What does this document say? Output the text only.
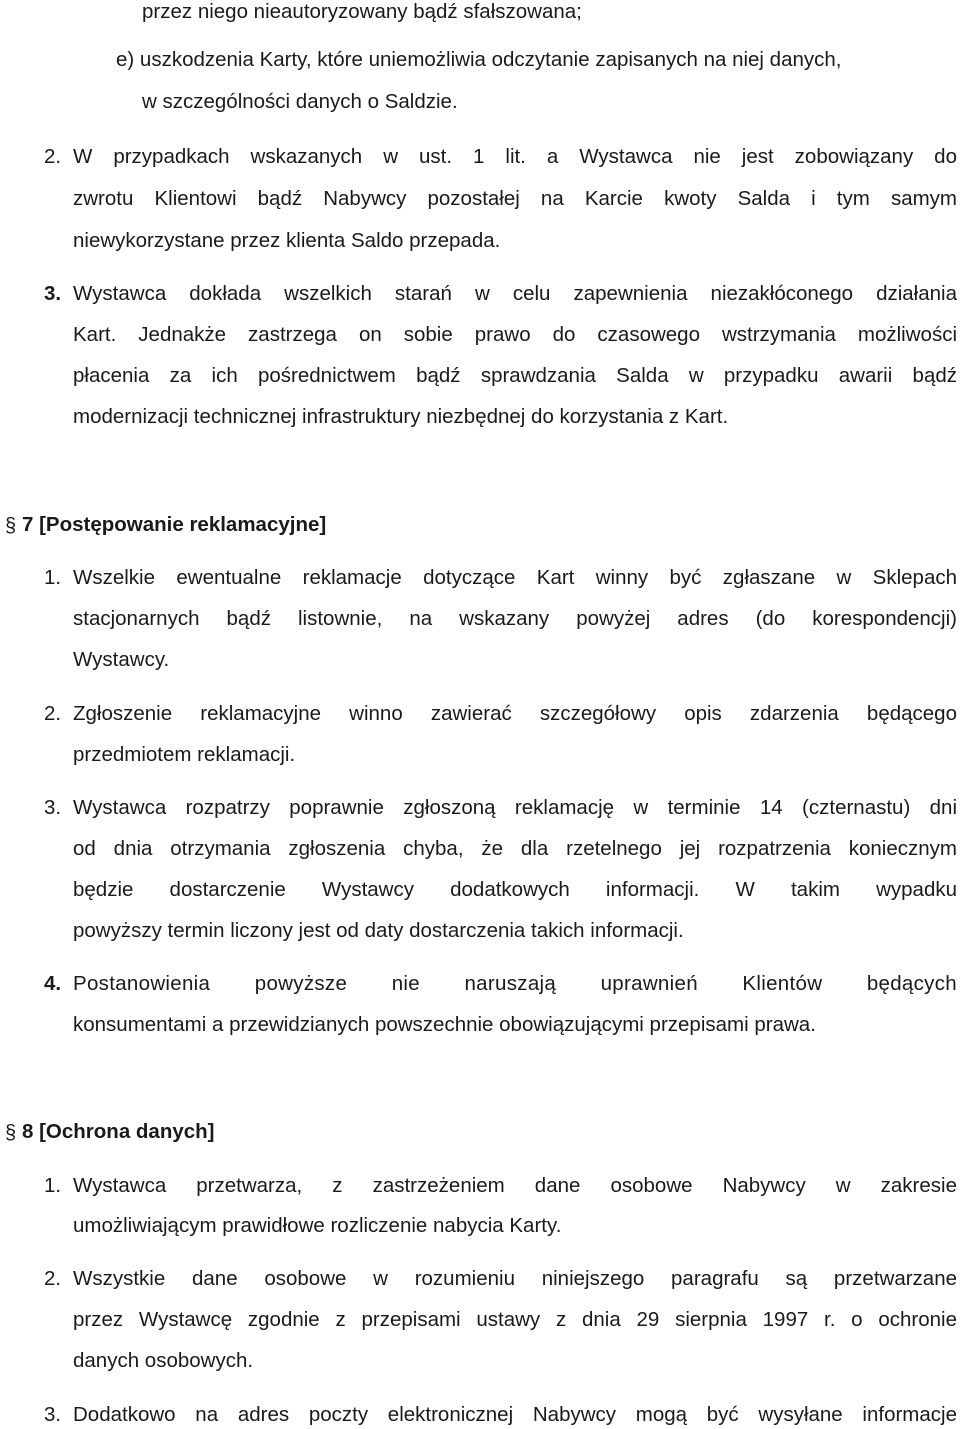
przez niego nieautoryzowany bądź sfałszowana;
e) uszkodzenia Karty, które uniemożliwia odczytanie zapisanych na niej danych,
w szczególności danych o Saldzie.
2. W przypadkach wskazanych w ust. 1 lit. a Wystawca nie jest zobowiązany do
zwrotu Klientowi bądź Nabywcy pozostałej na Karcie kwoty Salda i tym samym
niewykorzystane przez klienta Saldo przepada.
3. Wystawca dokłada wszelkich starań w celu zapewnienia niezakłóconego działania
Kart. Jednakże zastrzega on sobie prawo do czasowego wstrzymania możliwości
płacenia za ich pośrednictwem bądź sprawdzania Salda w przypadku awarii bądź
modernizacji technicznej infrastruktury niezbędnej do korzystania z Kart.
§ 7 [Postępowanie reklamacyjne]
1. Wszelkie ewentualne reklamacje dotyczące Kart winny być zgłaszane w Sklepach
stacjonarnych bądź listownie, na wskazany powyżej adres (do korespondencji)
Wystawcy.
2. Zgłoszenie reklamacyjne winno zawierać szczegółowy opis zdarzenia będącego
przedmiotem reklamacji.
3. Wystawca rozpatrzy poprawnie zgłoszoną reklamację w terminie 14 (czternastu) dni
od dnia otrzymania zgłoszenia chyba, że dla rzetelnego jej rozpatrzenia koniecznym
będzie dostarczenie Wystawcy dodatkowych informacji. W takim wypadku
powyższy termin liczony jest od daty dostarczenia takich informacji.
4. Postanowienia powyższe nie naruszają uprawnień Klientów będących
konsumentami a przewidzianych powszechnie obowiązującymi przepisami prawa.
§ 8 [Ochrona danych]
1. Wystawca przetwarza, z zastrzeżeniem dane osobowe Nabywcy w zakresie
umożliwiającym prawidłowe rozliczenie nabycia Karty.
2. Wszystkie dane osobowe w rozumieniu niniejszego paragrafu są przetwarzane
przez Wystawcę zgodnie z przepisami ustawy z dnia 29 sierpnia 1997 r. o ochronie
danych osobowych.
3. Dodatkowo na adres poczty elektronicznej Nabywcy mogą być wysyłane informacje
